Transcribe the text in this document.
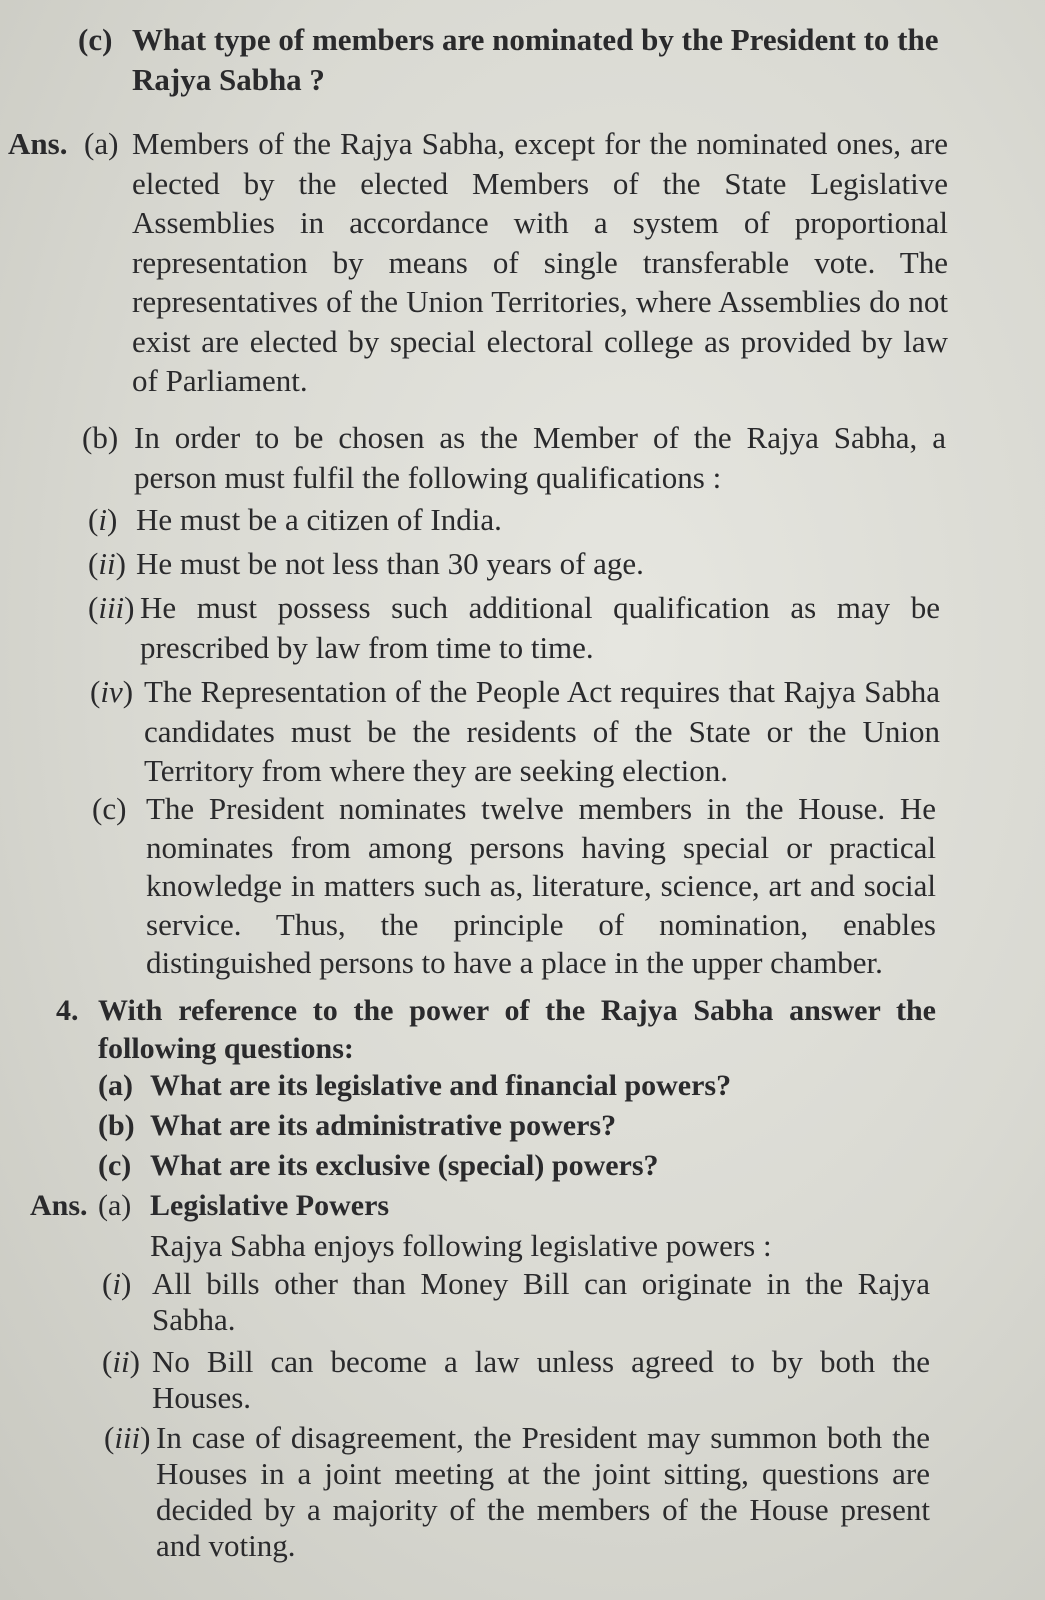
(c) What type of members are nominated by the President to the Rajya Sabha ?
Ans. (a) Members of the Rajya Sabha, except for the nominated ones, are elected by the elected Members of the State Legislative Assemblies in accordance with a system of proportional representation by means of single transferable vote. The representatives of the Union Territories, where Assemblies do not exist are elected by special electoral college as provided by law of Parliament.
(b) In order to be chosen as the Member of the Rajya Sabha, a person must fulfil the following qualifications :
(i) He must be a citizen of India.
(ii) He must be not less than 30 years of age.
(iii) He must possess such additional qualification as may be prescribed by law from time to time.
(iv) The Representation of the People Act requires that Rajya Sabha candidates must be the residents of the State or the Union Territory from where they are seeking election.
(c) The President nominates twelve members in the House. He nominates from among persons having special or practical knowledge in matters such as, literature, science, art and social service. Thus, the principle of nomination, enables distinguished persons to have a place in the upper chamber.
4. With reference to the power of the Rajya Sabha answer the following questions:
(a) What are its legislative and financial powers?
(b) What are its administrative powers?
(c) What are its exclusive (special) powers?
Ans. (a) Legislative Powers
Rajya Sabha enjoys following legislative powers :
(i) All bills other than Money Bill can originate in the Rajya Sabha.
(ii) No Bill can become a law unless agreed to by both the Houses.
(iii) In case of disagreement, the President may summon both the Houses in a joint meeting at the joint sitting, questions are decided by a majority of the members of the House present and voting.
